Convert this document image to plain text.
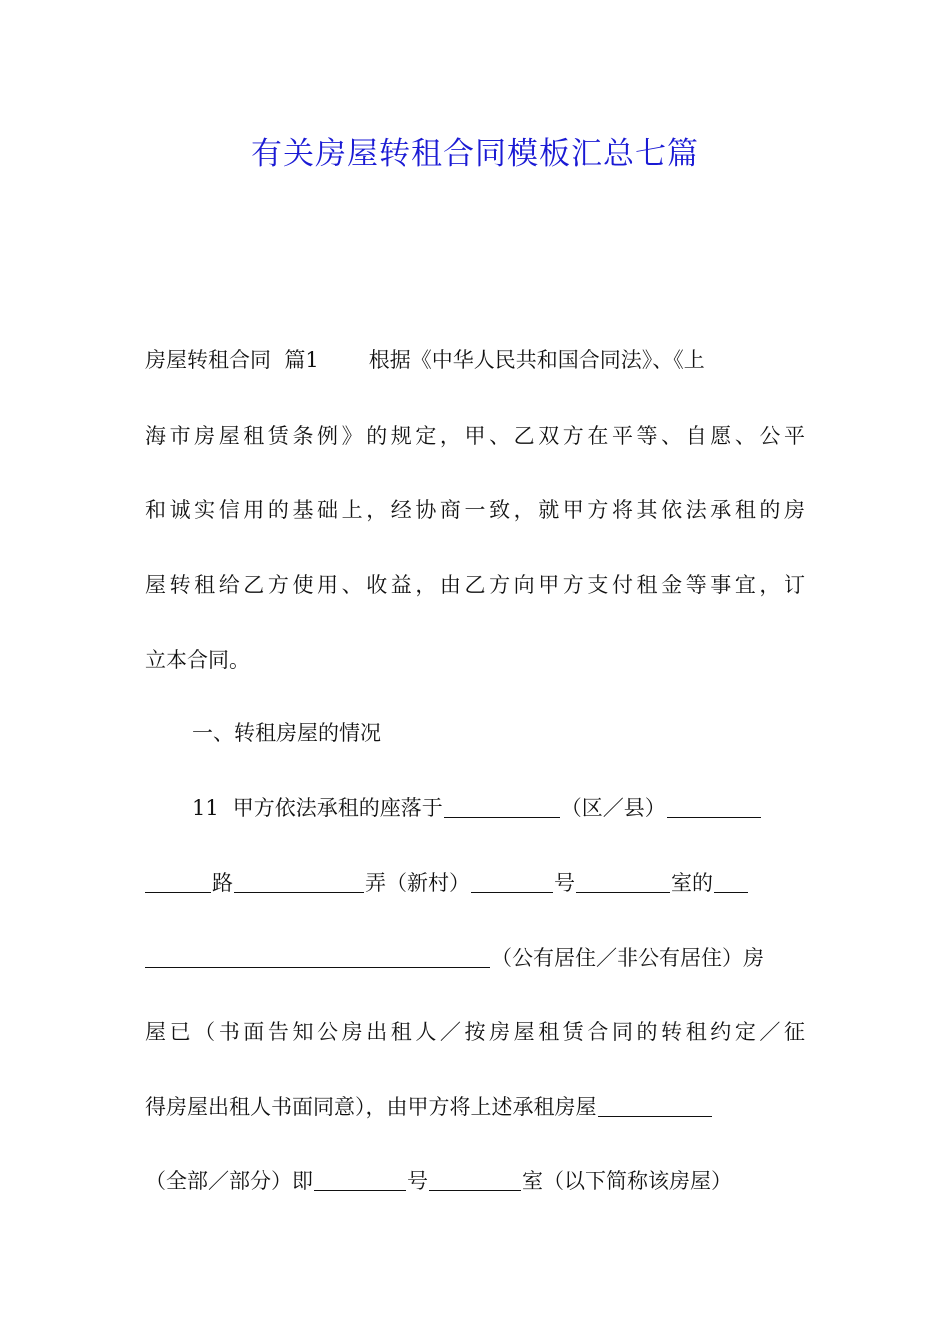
有关房屋转租合同模板汇总七篇
房屋转租合同  篇1 根据《中华人民共和国合同法》、《上
海市房屋租赁条例》的规定，甲、乙双方在平等、自愿、公平
和诚实信用的基础上，经协商一致，就甲方将其依法承租的房
屋转租给乙方使用、收益，由乙方向甲方支付租金等事宜，订
立本合同。
一、转租房屋的情况
11 甲方依法承租的座落于	（区／县）
路	弄（新村）	号	室的
（公有居住／非公有居住）房
屋已（书面告知公房出租人／按房屋租赁合同的转租约定／征
得房屋出租人书面同意），由甲方将上述承租房屋
（全部／部分）即	号	室（以下简称该房屋）
